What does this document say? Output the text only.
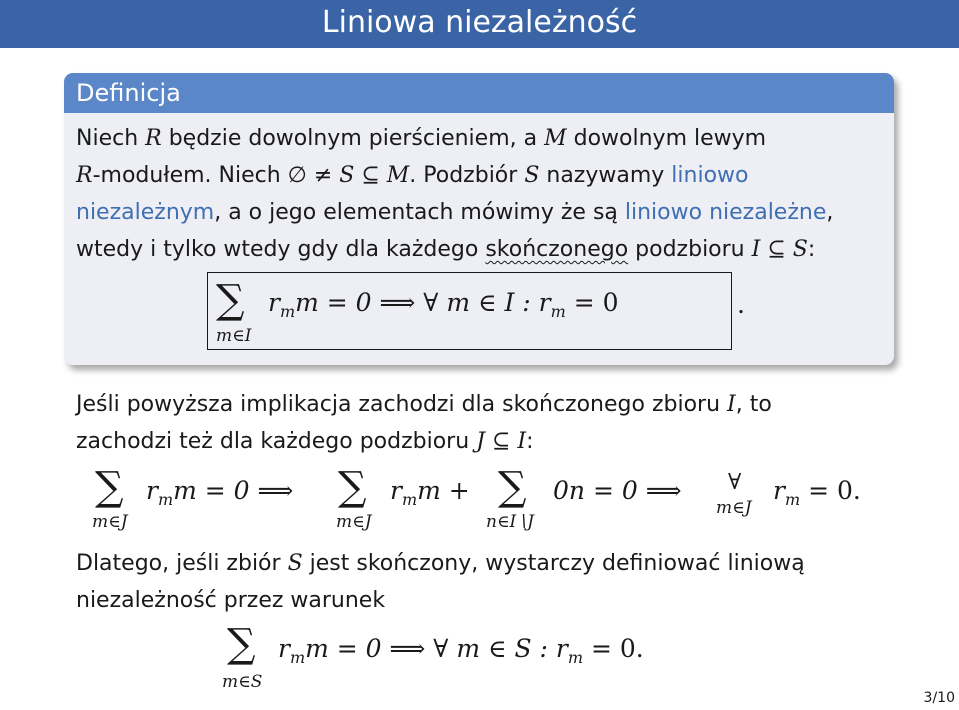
Liniowa niezależność
Definicja
Niech R będzie dowolnym pierścieniem, a M dowolnym lewym
R-modułem. Niech ∅ ≠ S ⊆ M. Podzbiór S nazywamy liniowo
niezależnym, a o jego elementach mówimy że są liniowo niezależne,
wtedy i tylko wtedy gdy dla każdego skończonego podzbioru I ⊆ S:
∑
m∈I
$r_mm = 0$ ⟹ ∀ m ∈ I : $r_m = 0$	.
Jeśli powyższa implikacja zachodzi dla skończonego zbioru I, to
zachodzi też dla każdego podzbioru J ⊆ I:
∑
m∈J
$r_mm = 0$ ⟹ ∑
m∈J
$r_mm$ + ∑
n∈I∖J
0n = 0 ⟹ ∀
m∈J
$r_m = 0$.
Dlatego, jeśli zbiór S jest skończony, wystarczy definiować liniową
niezależność przez warunek
∑
m∈S
$r_mm = 0$ ⟹ ∀ m ∈ S : $r_m = 0$.
3/10
